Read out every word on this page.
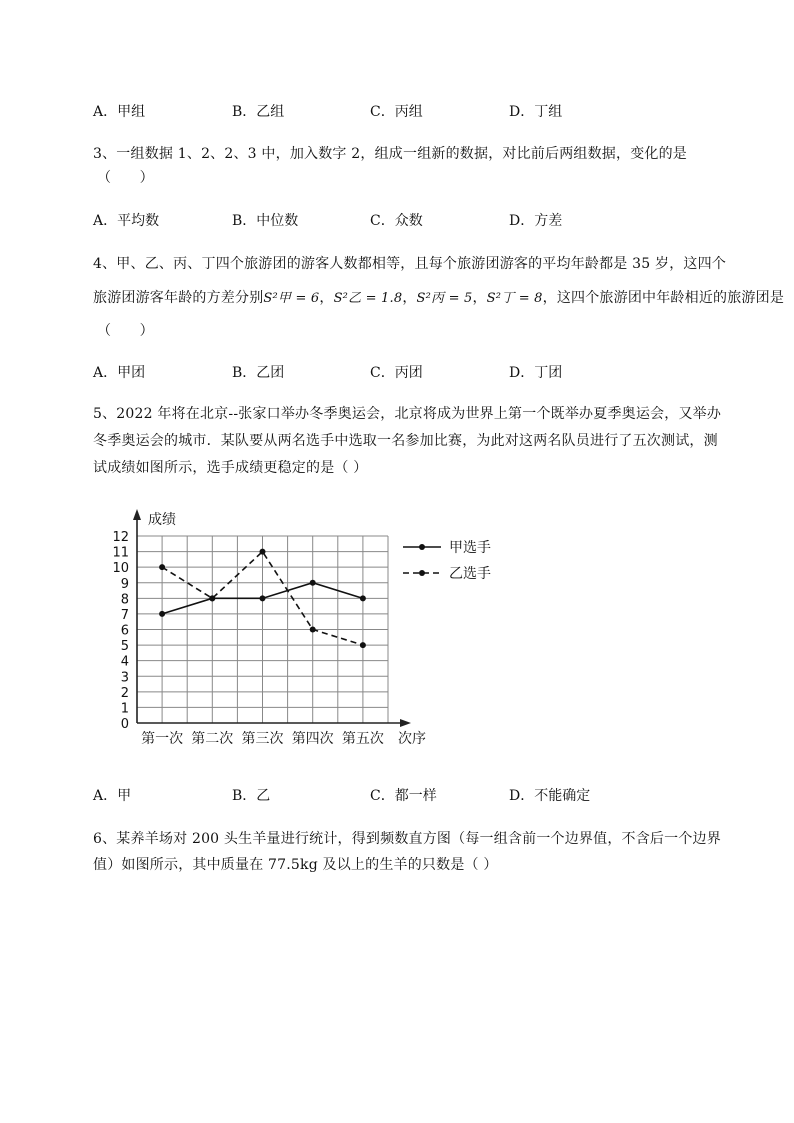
A．甲组	B．乙组	C．丙组	D．丁组
3、一组数据 1、2、2、3 中，加入数字 2，组成一组新的数据，对比前后两组数据，变化的是
（　　）
A．平均数	B．中位数	C．众数	D．方差
4、甲、乙、丙、丁四个旅游团的游客人数都相等，且每个旅游团游客的平均年龄都是 35 岁，这四个
旅游团游客年龄的方差分别S²甲 = 6，S²乙 = 1.8，S²丙 = 5，S²丁 = 8，这四个旅游团中年龄相近的旅游团是
（　　）
A．甲团	B．乙团	C．丙团	D．丁团
5、2022 年将在北京--张家口举办冬季奥运会，北京将成为世界上第一个既举办夏季奥运会，又举办
冬季奥运会的城市．某队要从两名选手中选取一名参加比赛，为此对这两名队员进行了五次测试，测
试成绩如图所示，选手成绩更稳定的是（ ）
0
1
2
3
4
5
6
7
8
9
10
11
12
第一次 第二次 第三次 第四次 第五次
甲选手
乙选手
成绩
次序
A．甲	B．乙	C．都一样	D．不能确定
6、某养羊场对 200 头生羊量进行统计，得到频数直方图（每一组含前一个边界值，不含后一个边界
值）如图所示，其中质量在 77.5kg 及以上的生羊的只数是（ ）
